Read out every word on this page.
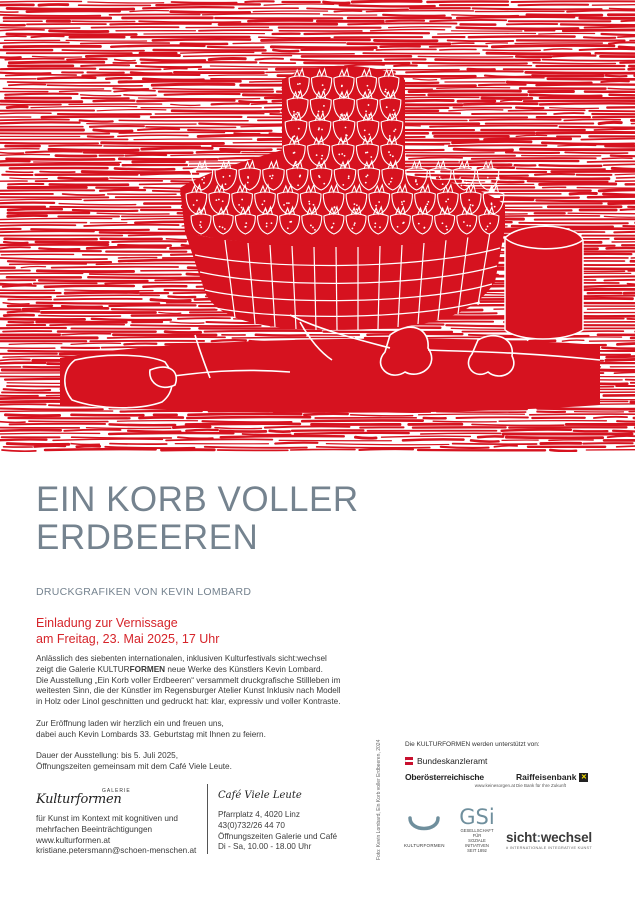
EIN KORB VOLLER
ERDBEEREN
DRUCKGRAFIKEN VON KEVIN LOMBARD
Einladung zur Vernissage
am Freitag, 23. Mai 2025, 17 Uhr

Anlässlich des siebenten internationalen, inklusiven Kulturfestivals sicht:wechsel
zeigt die Galerie KULTURFORMEN neue Werke des Künstlers Kevin Lombard.
Die Ausstellung „Ein Korb voller Erdbeeren“ versammelt druckgrafische Stillleben im
weitesten Sinn, die der Künstler im Regensburger Atelier Kunst Inklusiv nach Modell
in Holz oder Linol geschnitten und gedruckt hat: klar, expressiv und voller Kontraste.

Zur Eröffnung laden wir herzlich ein und freuen uns,
dabei auch Kevin Lombards 33. Geburtstag mit Ihnen zu feiern.

Dauer der Ausstellung: bis 5. Juli 2025,
Öffnungszeiten gemeinsam mit dem Café Viele Leute.

GALERIE
Kulturformen
für Kunst im Kontext mit kognitiven und
mehrfachen Beeinträchtigungen
www.kulturformen.at
kristiane.petersmann@schoen-menschen.at
Café Viele Leute
Pfarrplatz 4, 4020 Linz
43(0)732/26 44 70
Öffnungszeiten Galerie und Café
Di - Sa, 10.00 - 18.00 Uhr	Foto: Kevin Lombard, Ein Korb voller Erdbeeren, 2024	Die KULTURFORMEN werden unterstützt von:
Bundeskanzleramt
Oberösterreichische
www.keinesorgen.at
Raiffeisenbank ✕
Die Bank für Ihre Zukunft
KULTURFORMEN
GSi
GESELLSCHAFT FÜR
SOZIALE INITIATIVEN
SEIT 1892
sicht:wechsel
# INTERNATIONALE INTEGRATIVE KUNST
